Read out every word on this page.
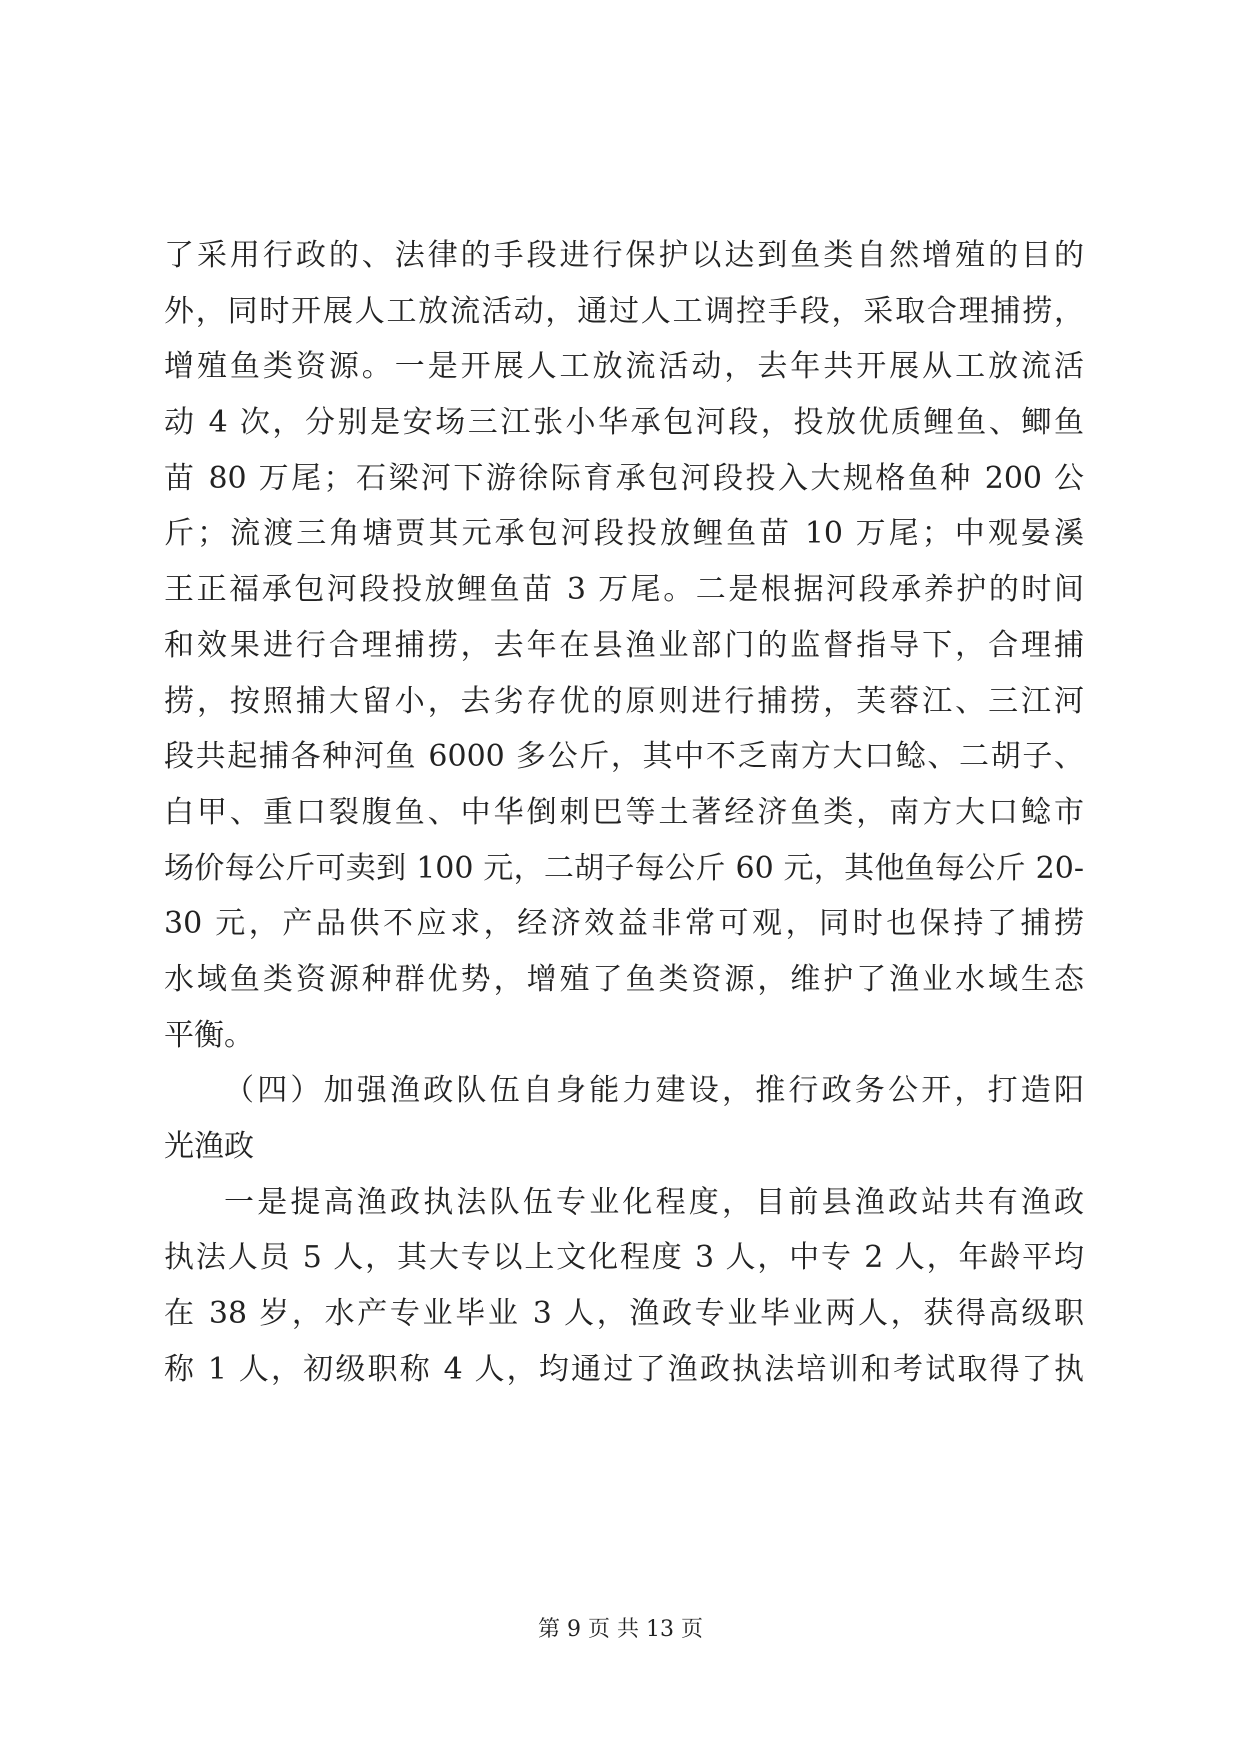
了采用行政的、法律的手段进行保护以达到鱼类自然增殖的目的
外，同时开展人工放流活动，通过人工调控手段，采取合理捕捞，
增殖鱼类资源。一是开展人工放流活动，去年共开展从工放流活
动 4 次，分别是安场三江张小华承包河段，投放优质鲤鱼、鲫鱼
苗 80 万尾；石梁河下游徐际育承包河段投入大规格鱼种 200 公
斤；流渡三角塘贾其元承包河段投放鲤鱼苗 10 万尾；中观晏溪
王正福承包河段投放鲤鱼苗 3 万尾。二是根据河段承养护的时间
和效果进行合理捕捞，去年在县渔业部门的监督指导下，合理捕
捞，按照捕大留小，去劣存优的原则进行捕捞，芙蓉江、三江河
段共起捕各种河鱼 6000 多公斤，其中不乏南方大口鲶、二胡子、
白甲、重口裂腹鱼、中华倒刺巴等土著经济鱼类，南方大口鲶市
场价每公斤可卖到 100 元，二胡子每公斤 60 元，其他鱼每公斤 20-
30 元，产品供不应求，经济效益非常可观，同时也保持了捕捞
水域鱼类资源种群优势，增殖了鱼类资源，维护了渔业水域生态
平衡。
（四）加强渔政队伍自身能力建设，推行政务公开，打造阳
光渔政
一是提高渔政执法队伍专业化程度，目前县渔政站共有渔政
执法人员 5 人，其大专以上文化程度 3 人，中专 2 人，年龄平均
在 38 岁，水产专业毕业 3 人，渔政专业毕业两人，获得高级职
称 1 人，初级职称 4 人，均通过了渔政执法培训和考试取得了执
第 9 页 共 13 页
